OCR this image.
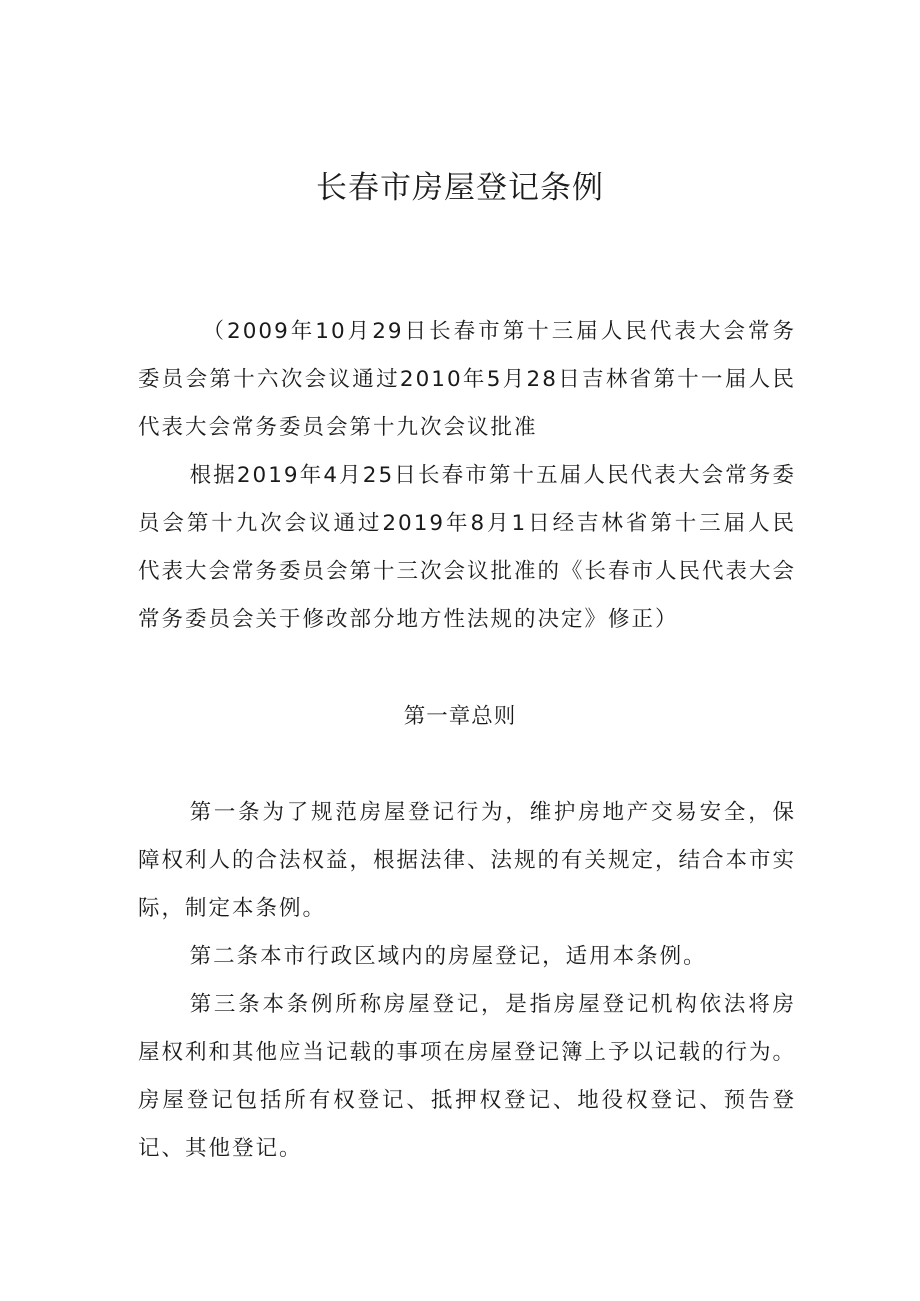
长春市房屋登记条例

（2009年10月29日长春市第十三届人民代表大会常务委员会第十六次会议通过2010年5月28日吉林省第十一届人民代表大会常务委员会第十九次会议批准

根据2019年4月25日长春市第十五届人民代表大会常务委员会第十九次会议通过2019年8月1日经吉林省第十三届人民代表大会常务委员会第十三次会议批准的《长春市人民代表大会常务委员会关于修改部分地方性法规的决定》修正）

第一章总则

第一条为了规范房屋登记行为，维护房地产交易安全，保障权利人的合法权益，根据法律、法规的有关规定，结合本市实际，制定本条例。

第二条本市行政区域内的房屋登记，适用本条例。

第三条本条例所称房屋登记，是指房屋登记机构依法将房屋权利和其他应当记载的事项在房屋登记簿上予以记载的行为。房屋登记包括所有权登记、抵押权登记、地役权登记、预告登记、其他登记。
